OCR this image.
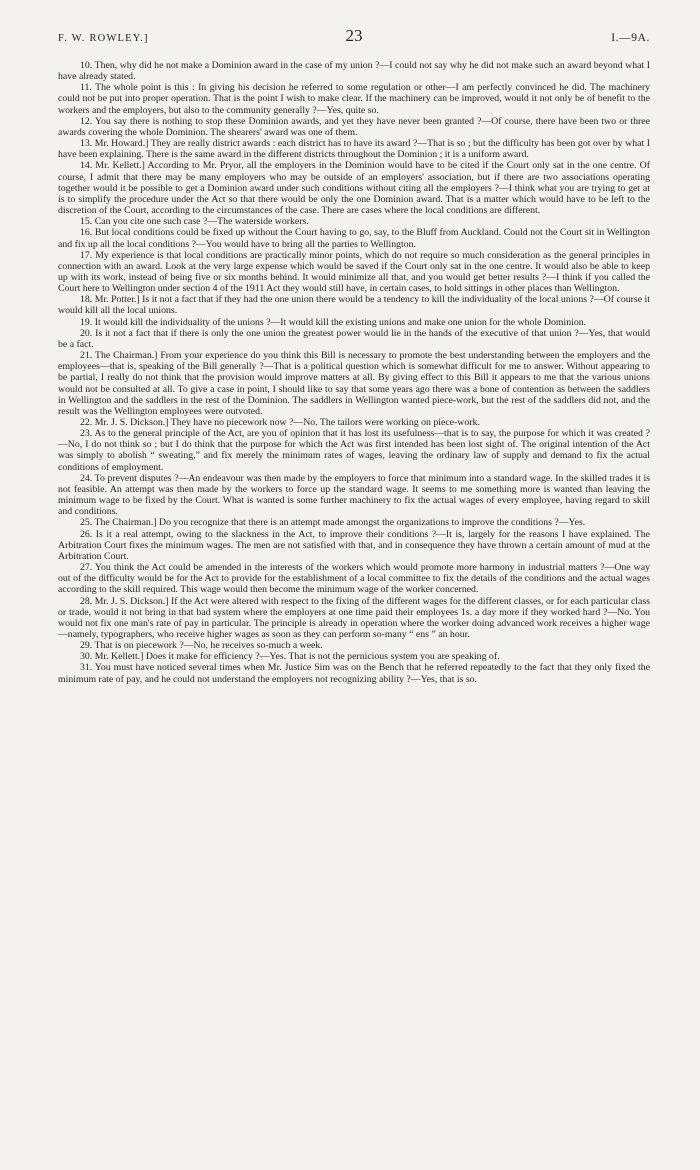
F. W. ROWLEY.]	23	I.—9A.

10. Then, why did he not make a Dominion award in the case of my union ?—I could not say why he did not make such an award beyond what I have already stated.

11. The whole point is this : In giving his decision he referred to some regulation or other—I am perfectly convinced he did. The machinery could not be put into proper operation. That is the point I wish to make clear. If the machinery can be improved, would it not only be of benefit to the workers and the employers, but also to the community generally ?—Yes, quite so.

12. You say there is nothing to stop these Dominion awards, and yet they have never been granted ?—Of course, there have been two or three awards covering the whole Dominion. The shearers' award was one of them.

13. Mr. Howard.] They are really district awards : each district has to have its award ?—That is so ; but the difficulty has been got over by what I have been explaining. There is the same award in the different districts throughout the Dominion ; it is a uniform award.

14. Mr. Kellett.] According to Mr. Pryor, all the employers in the Dominion would have to be cited if the Court only sat in the one centre. Of course, I admit that there may be many employers who may be outside of an employers' association, but if there are two associations operating together would it be possible to get a Dominion award under such conditions without citing all the employers ?—I think what you are trying to get at is to simplify the procedure under the Act so that there would be only the one Dominion award. That is a matter which would have to be left to the discretion of the Court, according to the circumstances of the case. There are cases where the local conditions are different.

15. Can you cite one such case ?—The waterside workers.

16. But local conditions could be fixed up without the Court having to go, say, to the Bluff from Auckland. Could not the Court sit in Wellington and fix up all the local conditions ?—You would have to bring all the parties to Wellington.

17. My experience is that local conditions are practically minor points, which do not require so much consideration as the general principles in connection with an award. Look at the very large expense which would be saved if the Court only sat in the one centre. It would also be able to keep up with its work, instead of being five or six months behind. It would minimize all that, and you would get better results ?—I think if you called the Court here to Wellington under section 4 of the 1911 Act they would still have, in certain cases, to hold sittings in other places than Wellington.

18. Mr. Potter.] Is it not a fact that if they had the one union there would be a tendency to kill the individuality of the local unions ?—Of course it would kill all the local unions.

19. It would kill the individuality of the unions ?—It would kill the existing unions and make one union for the whole Dominion.

20. Is it not a fact that if there is only the one union the greatest power would lie in the hands of the executive of that union ?—Yes, that would be a fact.

21. The Chairman.] From your experience do you think this Bill is necessary to promote the best understanding between the employers and the employees—that is, speaking of the Bill generally ?—That is a political question which is somewhat difficult for me to answer. Without appearing to be partial, I really do not think that the provision would improve matters at all. By giving effect to this Bill it appears to me that the various unions would not be consulted at all. To give a case in point, I should like to say that some years ago there was a bone of contention as between the saddlers in Wellington and the saddlers in the rest of the Dominion. The saddlers in Wellington wanted piece-work, but the rest of the saddlers did not, and the result was the Wellington employees were outvoted.

22. Mr. J. S. Dickson.] They have no piecework now ?—No. The tailors were working on piece-work.

23. As to the general principle of the Act, are you of opinion that it has lost its usefulness—that is to say, the purpose for which it was created ?—No, I do not think so ; but I do think that the purpose for which the Act was first intended has been lost sight of. The original intention of the Act was simply to abolish “ sweating,” and fix merely the minimum rates of wages, leaving the ordinary law of supply and demand to fix the actual conditions of employment.

24. To prevent disputes ?—An endeavour was then made by the employers to force that minimum into a standard wage. In the skilled trades it is not feasible. An attempt was then made by the workers to force up the standard wage. It seems to me something more is wanted than leaving the minimum wage to be fixed by the Court. What is wanted is some further machinery to fix the actual wages of every employee, having regard to skill and conditions.

25. The Chairman.] Do you recognize that there is an attempt made amongst the organizations to improve the conditions ?—Yes.

26. Is it a real attempt, owing to the slackness in the Act, to improve their conditions ?—It is, largely for the reasons I have explained. The Arbitration Court fixes the minimum wages. The men are not satisfied with that, and in consequence they have thrown a certain amount of mud at the Arbitration Court.

27. You think the Act could be amended in the interests of the workers which would promote more harmony in industrial matters ?—One way out of the difficulty would be for the Act to provide for the establishment of a local committee to fix the details of the conditions and the actual wages according to the skill required. This wage would then become the minimum wage of the worker concerned.

28. Mr. J. S. Dickson.] If the Act were altered with respect to the fixing of the different wages for the different classes, or for each particular class or trade, would it not bring in that bad system where the employers at one time paid their employees 1s. a day more if they worked hard ?—No. You would not fix one man's rate of pay in particular. The principle is already in operation where the worker doing advanced work receives a higher wage—namely, typographers, who receive higher wages as soon as they can perform so-many “ ens ” an hour.

29. That is on piecework ?—No, he receives so-much a week.

30. Mr. Kellett.] Does it make for efficiency ?—Yes. That is not the pernicious system you are speaking of.

31. You must have noticed several times when Mr. Justice Sim was on the Bench that he referred repeatedly to the fact that they only fixed the minimum rate of pay, and he could not understand the employers not recognizing ability ?—Yes, that is so.
